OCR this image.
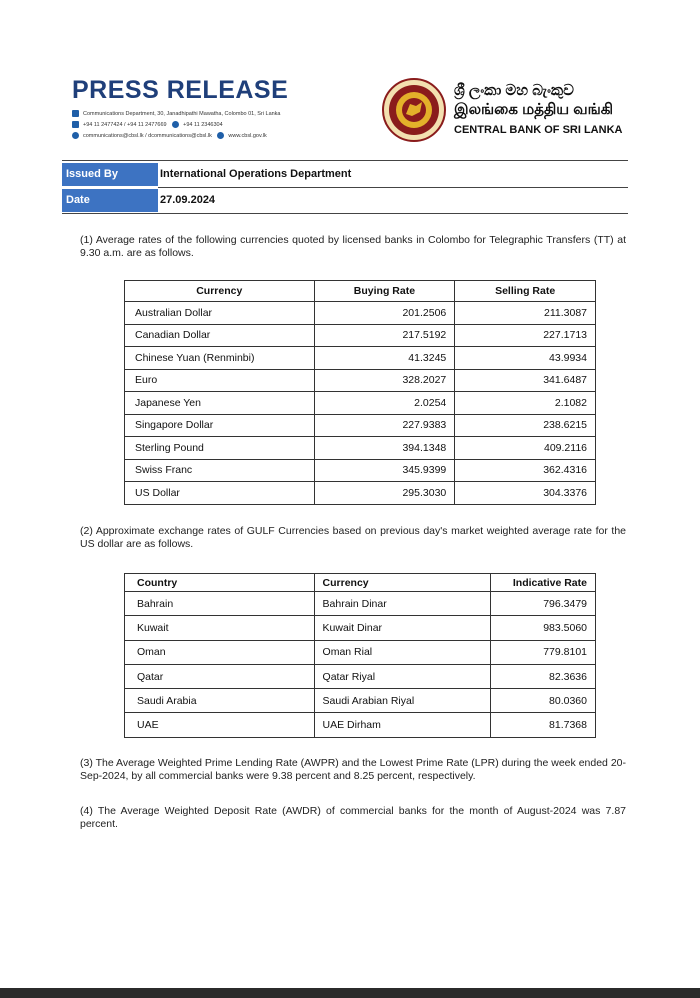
PRESS RELEASE
Communications Department, 30, Janadhipathi Mawatha, Colombo 01, Sri Lanka
+94 11 2477424 / +94 11 2477669	+94 11 2346304
communications@cbsl.lk / dcommunications@cbsl.lk	www.cbsl.gov.lk
ශ්‍රී ලංකා මහ බැංකුව
இலங்கை மத்திய வங்கி
CENTRAL BANK OF SRI LANKA
Issued By	International Operations Department
Date	27.09.2024
(1) Average rates of the following currencies quoted by licensed banks in Colombo for Telegraphic Transfers (TT) at 9.30 a.m. are as follows.
Currency	Buying Rate	Selling Rate
Australian Dollar	201.2506	211.3087
Canadian Dollar	217.5192	227.1713
Chinese Yuan (Renminbi)	41.3245	43.9934
Euro	328.2027	341.6487
Japanese Yen	2.0254	2.1082
Singapore Dollar	227.9383	238.6215
Sterling Pound	394.1348	409.2116
Swiss Franc	345.9399	362.4316
US Dollar	295.3030	304.3376
(2) Approximate exchange rates of GULF Currencies based on previous day's market weighted average rate for the US dollar are as follows.
Country	Currency	Indicative Rate
Bahrain	Bahrain Dinar	796.3479
Kuwait	Kuwait Dinar	983.5060
Oman	Oman Rial	779.8101
Qatar	Qatar Riyal	82.3636
Saudi Arabia	Saudi Arabian Riyal	80.0360
UAE	UAE Dirham	81.7368
(3) The Average Weighted Prime Lending Rate (AWPR) and the Lowest Prime Rate (LPR) during the week ended 20-Sep-2024, by all commercial banks were 9.38 percent and 8.25 percent, respectively.
(4) The Average Weighted Deposit Rate (AWDR) of commercial banks for the month of August-2024 was 7.87 percent.
